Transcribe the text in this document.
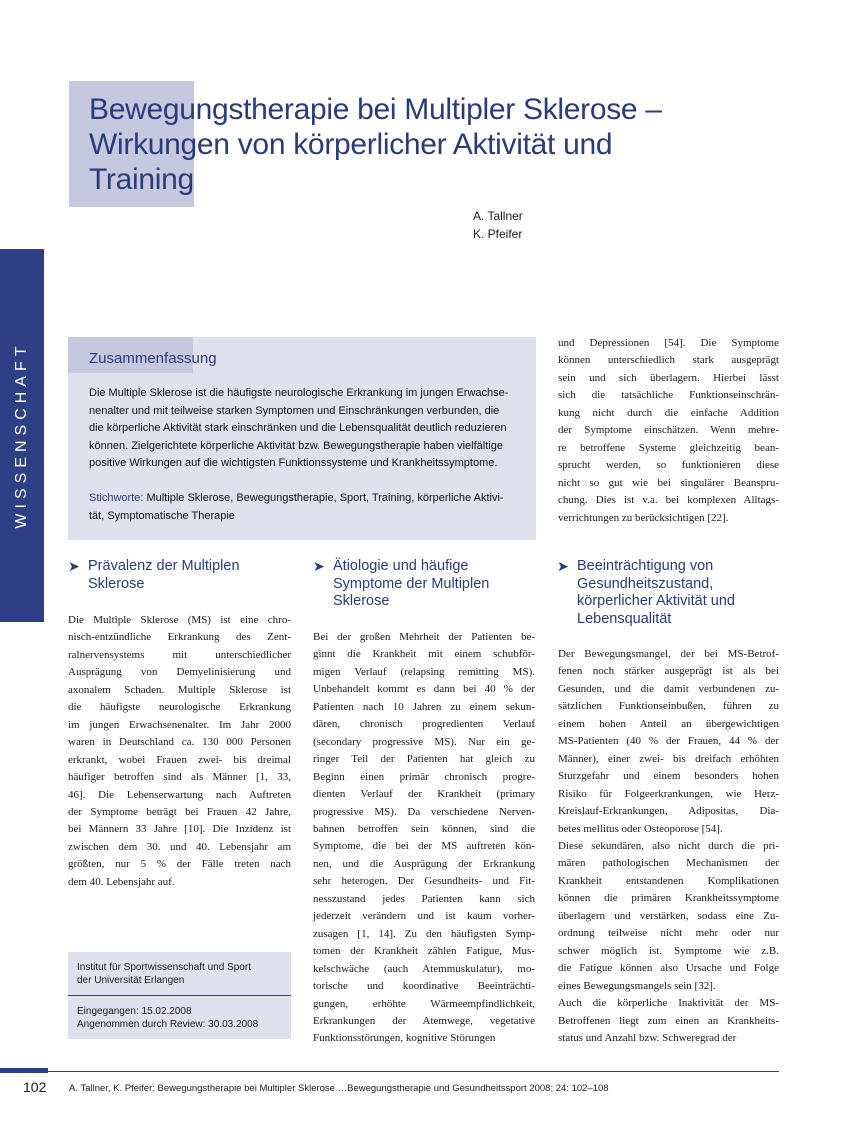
WISSENSCHAFT
Bewegungstherapie bei Multipler Sklerose –
Wirkungen von körperlicher Aktivität und
Training
A. Tallner
K. Pfeifer
Zusammenfassung

Die Multiple Sklerose ist die häufigste neurologische Erkrankung im jungen Erwachse-
nenalter und mit teilweise starken Symptomen und Einschränkungen verbunden, die
die körperliche Aktivität stark einschränken und die Lebensqualität deutlich reduzieren
können. Zielgerichtete körperliche Aktivität bzw. Bewegungstherapie haben vielfältige
positive Wirkungen auf die wichtigsten Funktionssysteme und Krankheitssymptome.

Stichworte: Multiple Sklerose, Bewegungstherapie, Sport, Training, körperliche Aktivi-
tät, Symptomatische Therapie

und Depressionen [54]. Die Symptome
können unterschiedlich stark ausgeprägt
sein und sich überlagern. Hierbei lässt
sich die tatsächliche Funktionseinschrän-
kung nicht durch die einfache Addition
der Symptome einschätzen. Wenn mehre-
re betroffene Systeme gleichzeitig bean-
sprucht werden, so funktionieren diese
nicht so gut wie bei singulärer Beanspru-
chung. Dies ist v.a. bei komplexen Alltags-
verrichtungen zu berücksichtigen [22].
➤ Prävalenz der Multiplen
Sklerose
Die Multiple Sklerose (MS) ist eine chro-
nisch-entzündliche Erkrankung des Zent-
ralnervensystems mit unterschiedlicher
Ausprägung von Demyelinisierung und
axonalem Schaden. Multiple Sklerose ist
die häufigste neurologische Erkrankung
im jungen Erwachsenenalter. Im Jahr 2000
waren in Deutschland ca. 130 000 Personen
erkrankt, wobei Frauen zwei- bis dreimal
häufiger betroffen sind als Männer [1, 33,
46]. Die Lebenserwartung nach Auftreten
der Symptome beträgt bei Frauen 42 Jahre,
bei Männern 33 Jahre [10]. Die Inzidenz ist
zwischen dem 30. und 40. Lebensjahr am
größten, nur 5 % der Fälle treten nach
dem 40. Lebensjahr auf.
➤ Ätiologie und häufige
Symptome der Multiplen
Sklerose
Bei der großen Mehrheit der Patienten be-
ginnt die Krankheit mit einem schubför-
migen Verlauf (relapsing remitting MS).
Unbehandelt kommt es dann bei 40 % der
Patienten nach 10 Jahren zu einem sekun-
dären, chronisch progredienten Verlauf
(secondary progressive MS). Nur ein ge-
ringer Teil der Patienten hat gleich zu
Beginn einen primär chronisch progre-
dienten Verlauf der Krankheit (primary
progressive MS). Da verschiedene Nerven-
bahnen betroffen sein können, sind die
Symptome, die bei der MS auftreten kön-
nen, und die Ausprägung der Erkrankung
sehr heterogen. Der Gesundheits- und Fit-
nesszustand jedes Patienten kann sich
jederzeit verändern und ist kaum vorher-
zusagen [1, 14]. Zu den häufigsten Symp-
tomen der Krankheit zählen Fatigue, Mus-
kelschwäche (auch Atemmuskulatur), mo-
torische und koordinative Beeinträchti-
gungen, erhöhte Wärmeempfindlichkeit,
Erkrankungen der Atemwege, vegetative
Funktionsstörungen, kognitive Störungen
➤ Beeinträchtigung von
Gesundheitszustand,
körperlicher Aktivität und
Lebensqualität
Der Bewegungsmangel, der bei MS-Betrof-
fenen noch stärker ausgeprägt ist als bei
Gesunden, und die damit verbundenen zu-
sätzlichen Funktionseinbußen, führen zu
einem hohen Anteil an übergewichtigen
MS-Patienten (40 % der Frauen, 44 % der
Männer), einer zwei- bis dreifach erhöhten
Sturzgefahr und einem besonders hohen
Risiko für Folgeerkrankungen, wie Herz-
Kreislauf-Erkrankungen, Adipositas, Dia-
betes mellitus oder Osteoporose [54].
Diese sekundären, also nicht durch die pri-
mären pathologischen Mechanismen der
Krankheit entstandenen Komplikationen
können die primären Krankheitssymptome
überlagern und verstärken, sodass eine Zu-
ordnung teilweise nicht mehr oder nur
schwer möglich ist. Symptome wie z.B.
die Fatigue können also Ursache und Folge
eines Bewegungsmangels sein [32].
Auch die körperliche Inaktivität der MS-
Betroffenen liegt zum einen an Krankheits-
status und Anzahl bzw. Schweregrad der
Institut für Sportwissenschaft und Sport
der Universität Erlangen
Eingegangen: 15.02.2008
Angenommen durch Review: 30.03.2008
102 A. Tallner, K. Pfeifer: Bewegungstherapie bei Multipler Sklerose …Bewegungstherapie und Gesundheitssport 2008; 24: 102–108
